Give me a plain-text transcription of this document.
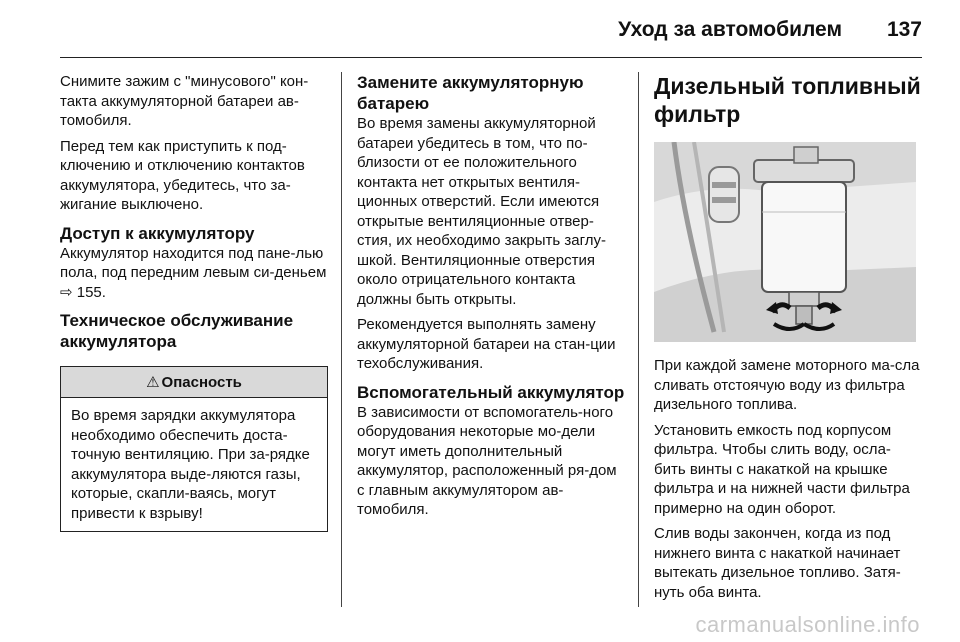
Уход за автомобилем 137

Снимите зажим с "минусового" кон-такта аккумуляторной батареи ав-томобиля.

Перед тем как приступить к под-ключению и отключению контактов аккумулятора, убедитесь, что за-жигание выключено.

Доступ к аккумулятору

Аккумулятор находится под пане-лью пола, под передним левым си-деньем ⇨ 155.

Техническое обслуживание аккумулятора
⚠ Опасность
Во время зарядки аккумулятора необходимо обеспечить доста-точную вентиляцию. При за-рядке аккумулятора выде-ляются газы, которые, скапли-ваясь, могут привести к взрыву!
Замените аккумуляторную батарею

Во время замены аккумуляторной батареи убедитесь в том, что по-близости от ее положительного контакта нет открытых вентиля-ционных отверстий. Если имеются открытые вентиляционные отвер-стия, их необходимо закрыть заглу-шкой. Вентиляционные отверстия около отрицательного контакта должны быть открыты.

Рекомендуется выполнять замену аккумуляторной батареи на стан-ции техобслуживания.

Вспомогательный аккумулятор

В зависимости от вспомогатель-ного оборудования некоторые мо-дели могут иметь дополнительный аккумулятор, расположенный ря-дом с главным аккумулятором ав-томобиля.

Дизельный топливный фильтр

При каждой замене моторного ма-сла сливать отстоячую воду из фильтра дизельного топлива.

Установить емкость под корпусом фильтра. Чтобы слить воду, осла-бить винты с накаткой на крышке фильтра и на нижней части фильтра примерно на один оборот.

Слив воды закончен, когда из под нижнего винта с накаткой начинает вытекать дизельное топливо. Затя-нуть оба винта.

carmanualsonline.info
